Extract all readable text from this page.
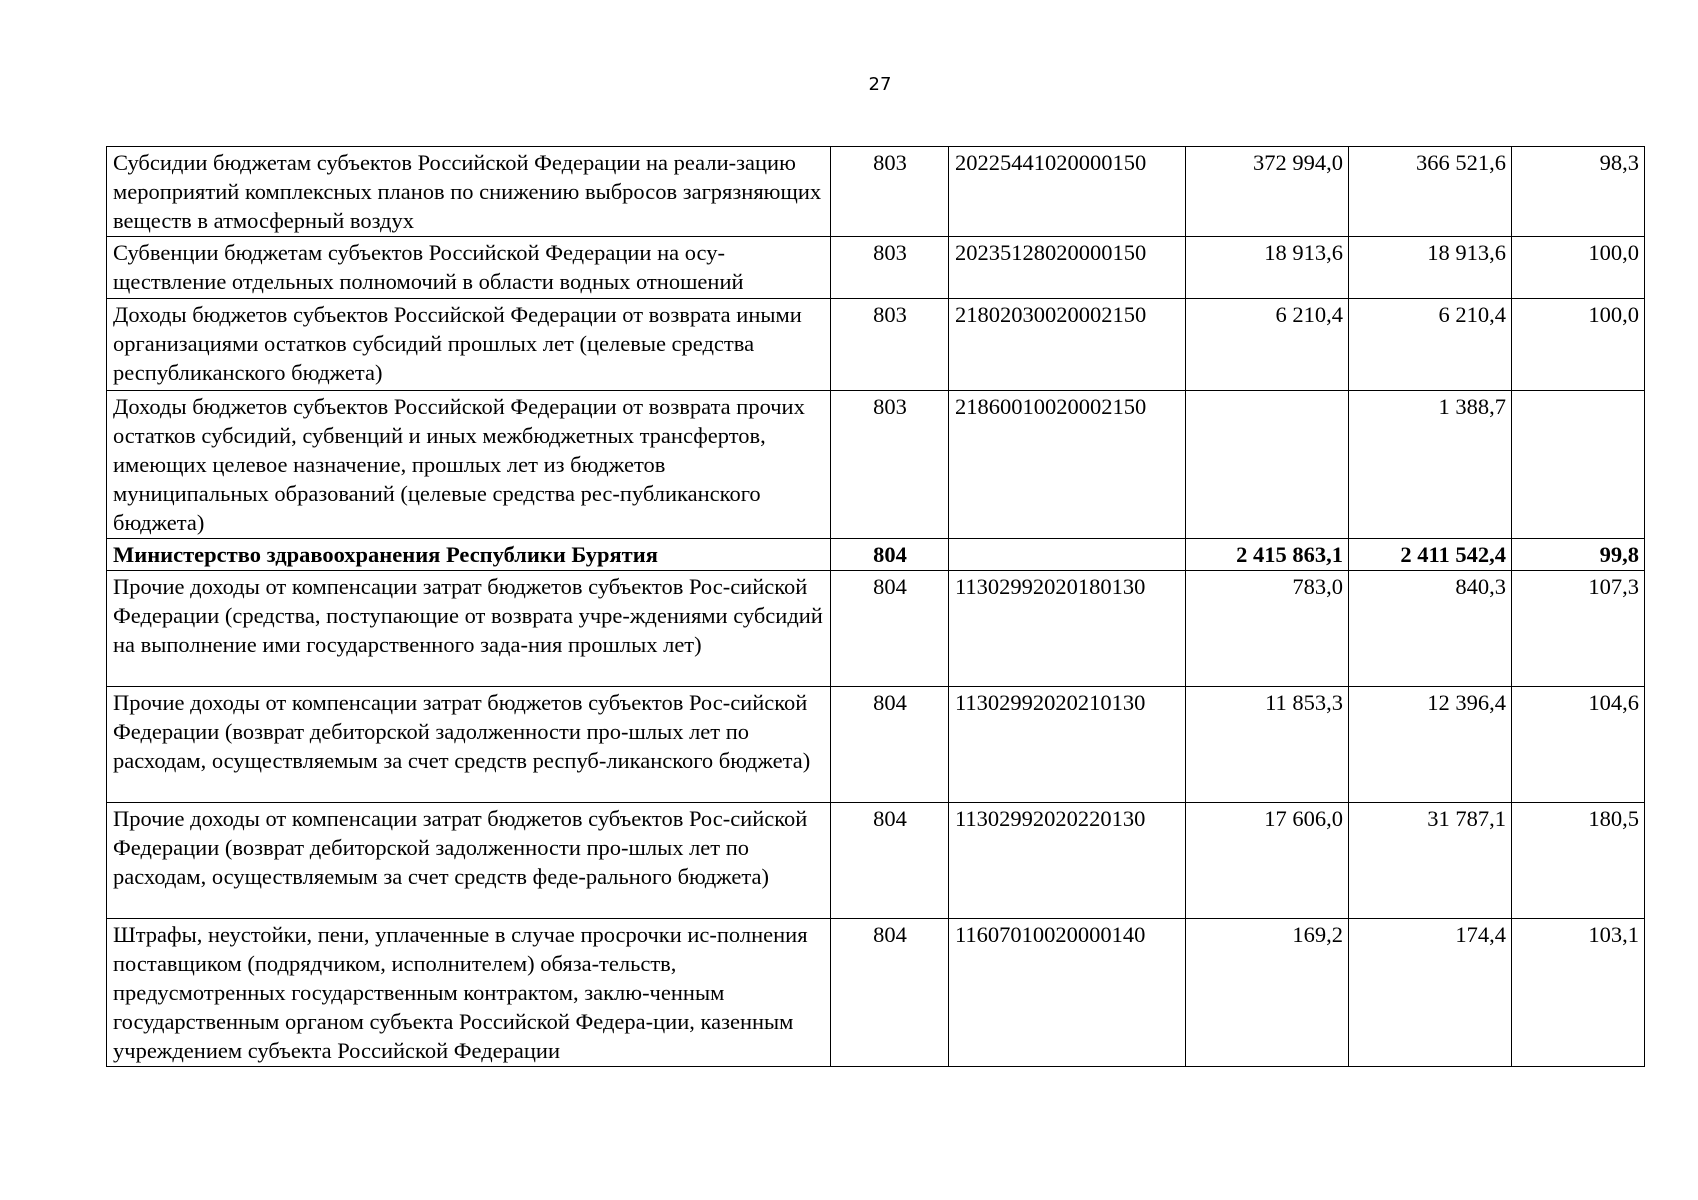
27
Субсидии бюджетам субъектов Российской Федерации на реали-зацию мероприятий комплексных планов по снижению выбросов загрязняющих веществ в атмосферный воздух	803	20225441020000150	372 994,0	366 521,6	98,3
Субвенции бюджетам субъектов Российской Федерации на осу-ществление отдельных полномочий в области водных отношений	803	20235128020000150	18 913,6	18 913,6	100,0
Доходы бюджетов субъектов Российской Федерации от возврата иными организациями остатков субсидий прошлых лет (целевые средства республиканского бюджета)	803	21802030020002150	6 210,4	6 210,4	100,0
Доходы бюджетов субъектов Российской Федерации от возврата прочих остатков субсидий, субвенций и иных межбюджетных трансфертов, имеющих целевое назначение, прошлых лет из бюджетов муниципальных образований (целевые средства рес-публиканского бюджета)	803	21860010020002150		1 388,7	
Министерство здравоохранения Республики Бурятия	804		2 415 863,1	2 411 542,4	99,8
Прочие доходы от компенсации затрат бюджетов субъектов Рос-сийской Федерации (средства, поступающие от возврата учре-ждениями субсидий на выполнение ими государственного зада-ния прошлых лет)	804	11302992020180130	783,0	840,3	107,3
Прочие доходы от компенсации затрат бюджетов субъектов Рос-сийской Федерации (возврат дебиторской задолженности про-шлых лет по расходам, осуществляемым за счет средств респуб-ликанского бюджета)	804	11302992020210130	11 853,3	12 396,4	104,6
Прочие доходы от компенсации затрат бюджетов субъектов Рос-сийской Федерации (возврат дебиторской задолженности про-шлых лет по расходам, осуществляемым за счет средств феде-рального бюджета)	804	11302992020220130	17 606,0	31 787,1	180,5
Штрафы, неустойки, пени, уплаченные в случае просрочки ис-полнения поставщиком (подрядчиком, исполнителем) обяза-тельств, предусмотренных государственным контрактом, заклю-ченным государственным органом субъекта Российской Федера-ции, казенным учреждением субъекта Российской Федерации	804	11607010020000140	169,2	174,4	103,1
